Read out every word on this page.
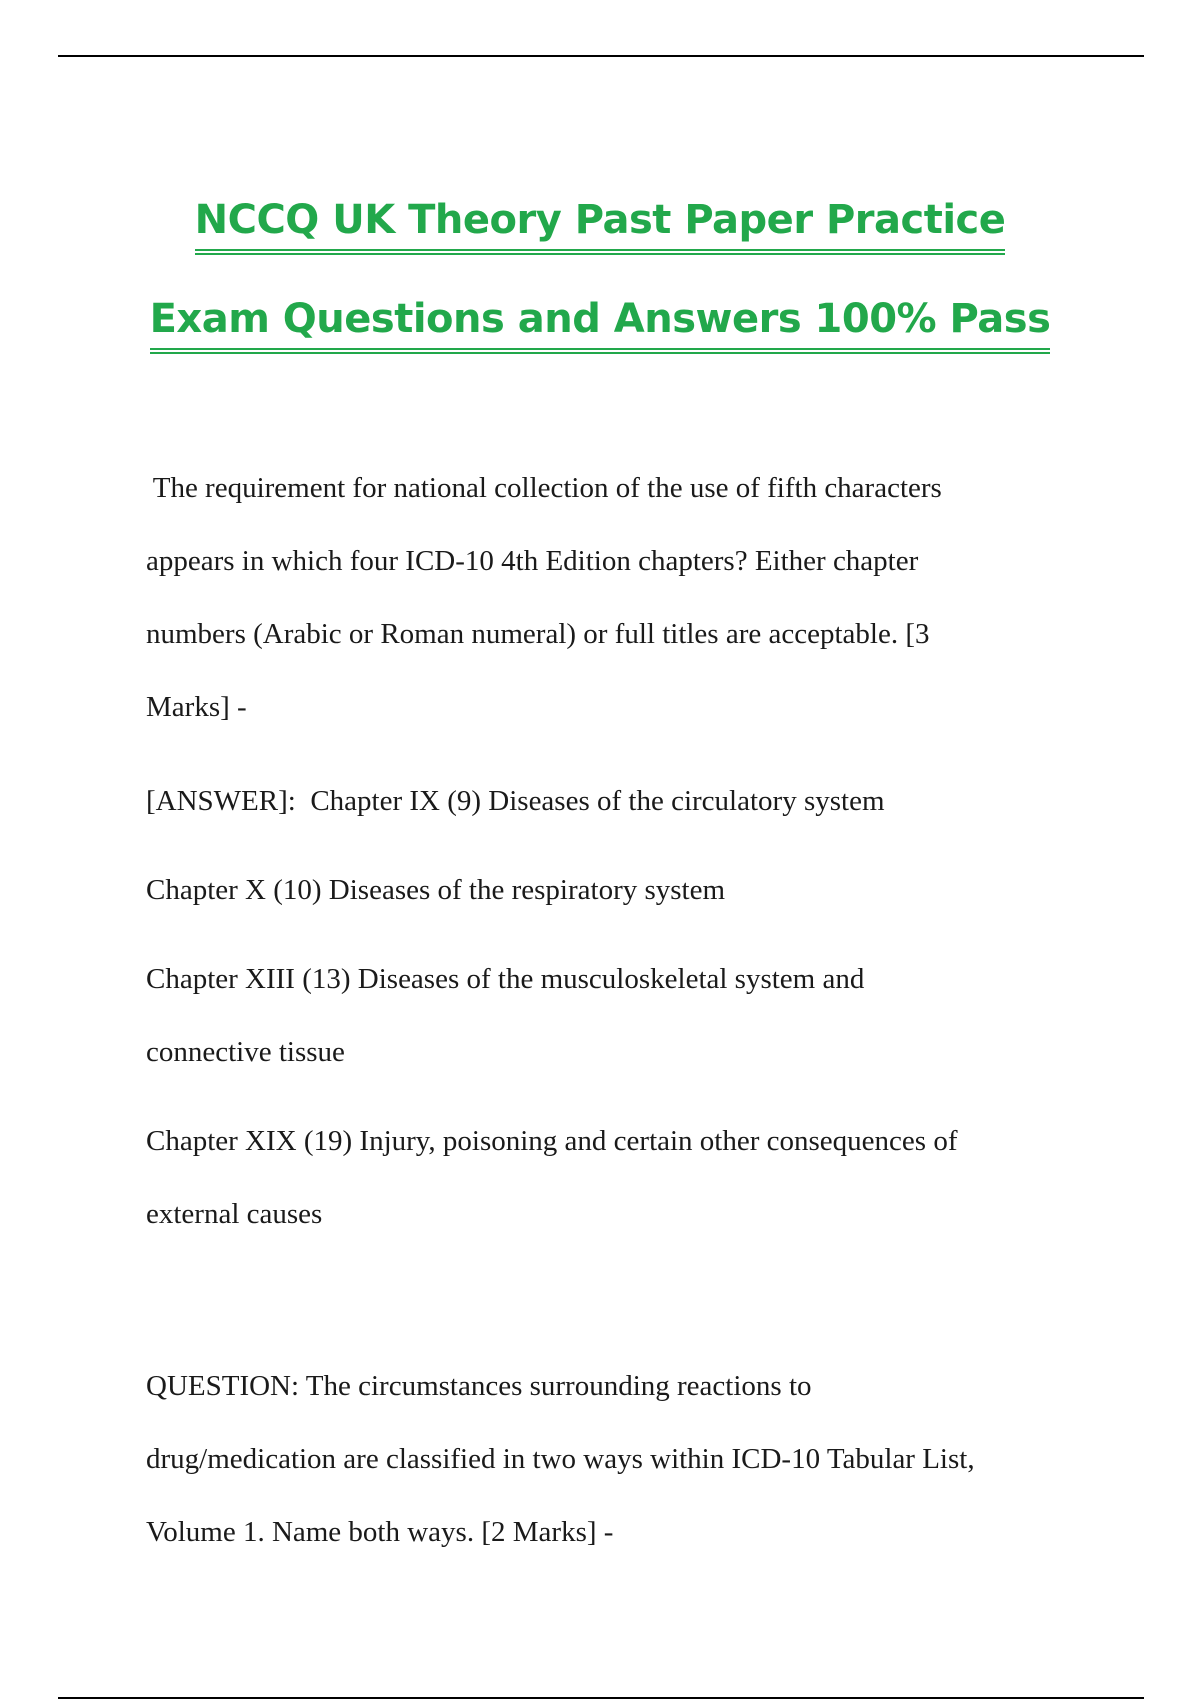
NCCQ UK Theory Past Paper Practice
Exam Questions and Answers 100% Pass

The requirement for national collection of the use of fifth characters

appears in which four ICD-10 4th Edition chapters? Either chapter

numbers (Arabic or Roman numeral) or full titles are acceptable. [3

Marks] -

[ANSWER]:  Chapter IX (9) Diseases of the circulatory system

Chapter X (10) Diseases of the respiratory system

Chapter XIII (13) Diseases of the musculoskeletal system and

connective tissue

Chapter XIX (19) Injury, poisoning and certain other consequences of

external causes

QUESTION: The circumstances surrounding reactions to

drug/medication are classified in two ways within ICD-10 Tabular List,

Volume 1. Name both ways. [2 Marks] -
